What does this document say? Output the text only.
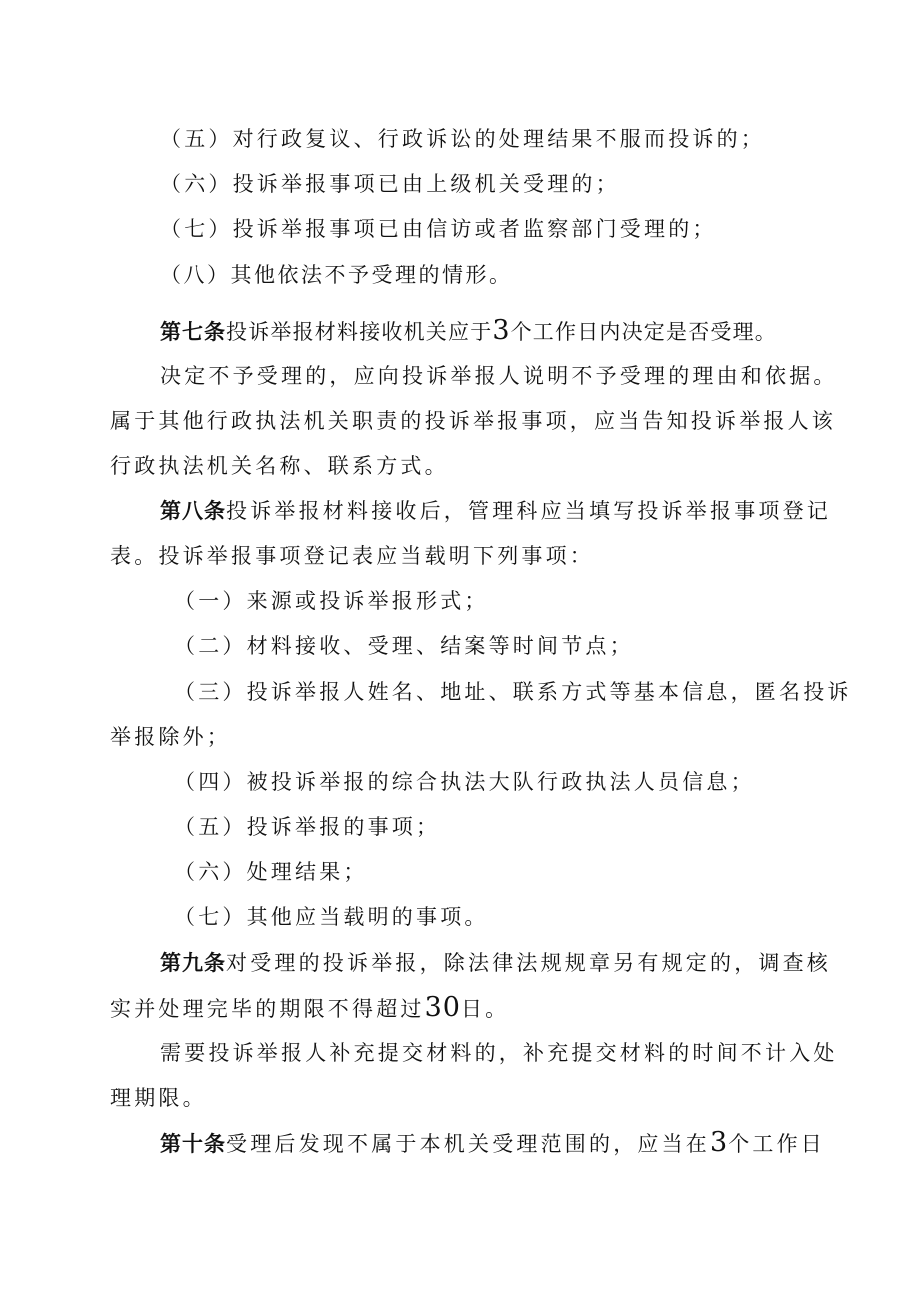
（五）对行政复议、行政诉讼的处理结果不服而投诉的；
（六）投诉举报事项已由上级机关受理的；
（七）投诉举报事项已由信访或者监察部门受理的；
（八）其他依法不予受理的情形。
第七条投诉举报材料接收机关应于3个工作日内决定是否受理。
决定不予受理的，应向投诉举报人说明不予受理的理由和依据。
属于其他行政执法机关职责的投诉举报事项，应当告知投诉举报人该
行政执法机关名称、联系方式。
第八条投诉举报材料接收后，管理科应当填写投诉举报事项登记
表。投诉举报事项登记表应当载明下列事项：
（一）来源或投诉举报形式；
（二）材料接收、受理、结案等时间节点；
（三）投诉举报人姓名、地址、联系方式等基本信息，匿名投诉
举报除外；
（四）被投诉举报的综合执法大队行政执法人员信息；
（五）投诉举报的事项；
（六）处理结果；
（七）其他应当载明的事项。
第九条对受理的投诉举报，除法律法规规章另有规定的，调查核
实并处理完毕的期限不得超过30日。
需要投诉举报人补充提交材料的，补充提交材料的时间不计入处
理期限。
第十条受理后发现不属于本机关受理范围的，应当在3个工作日
